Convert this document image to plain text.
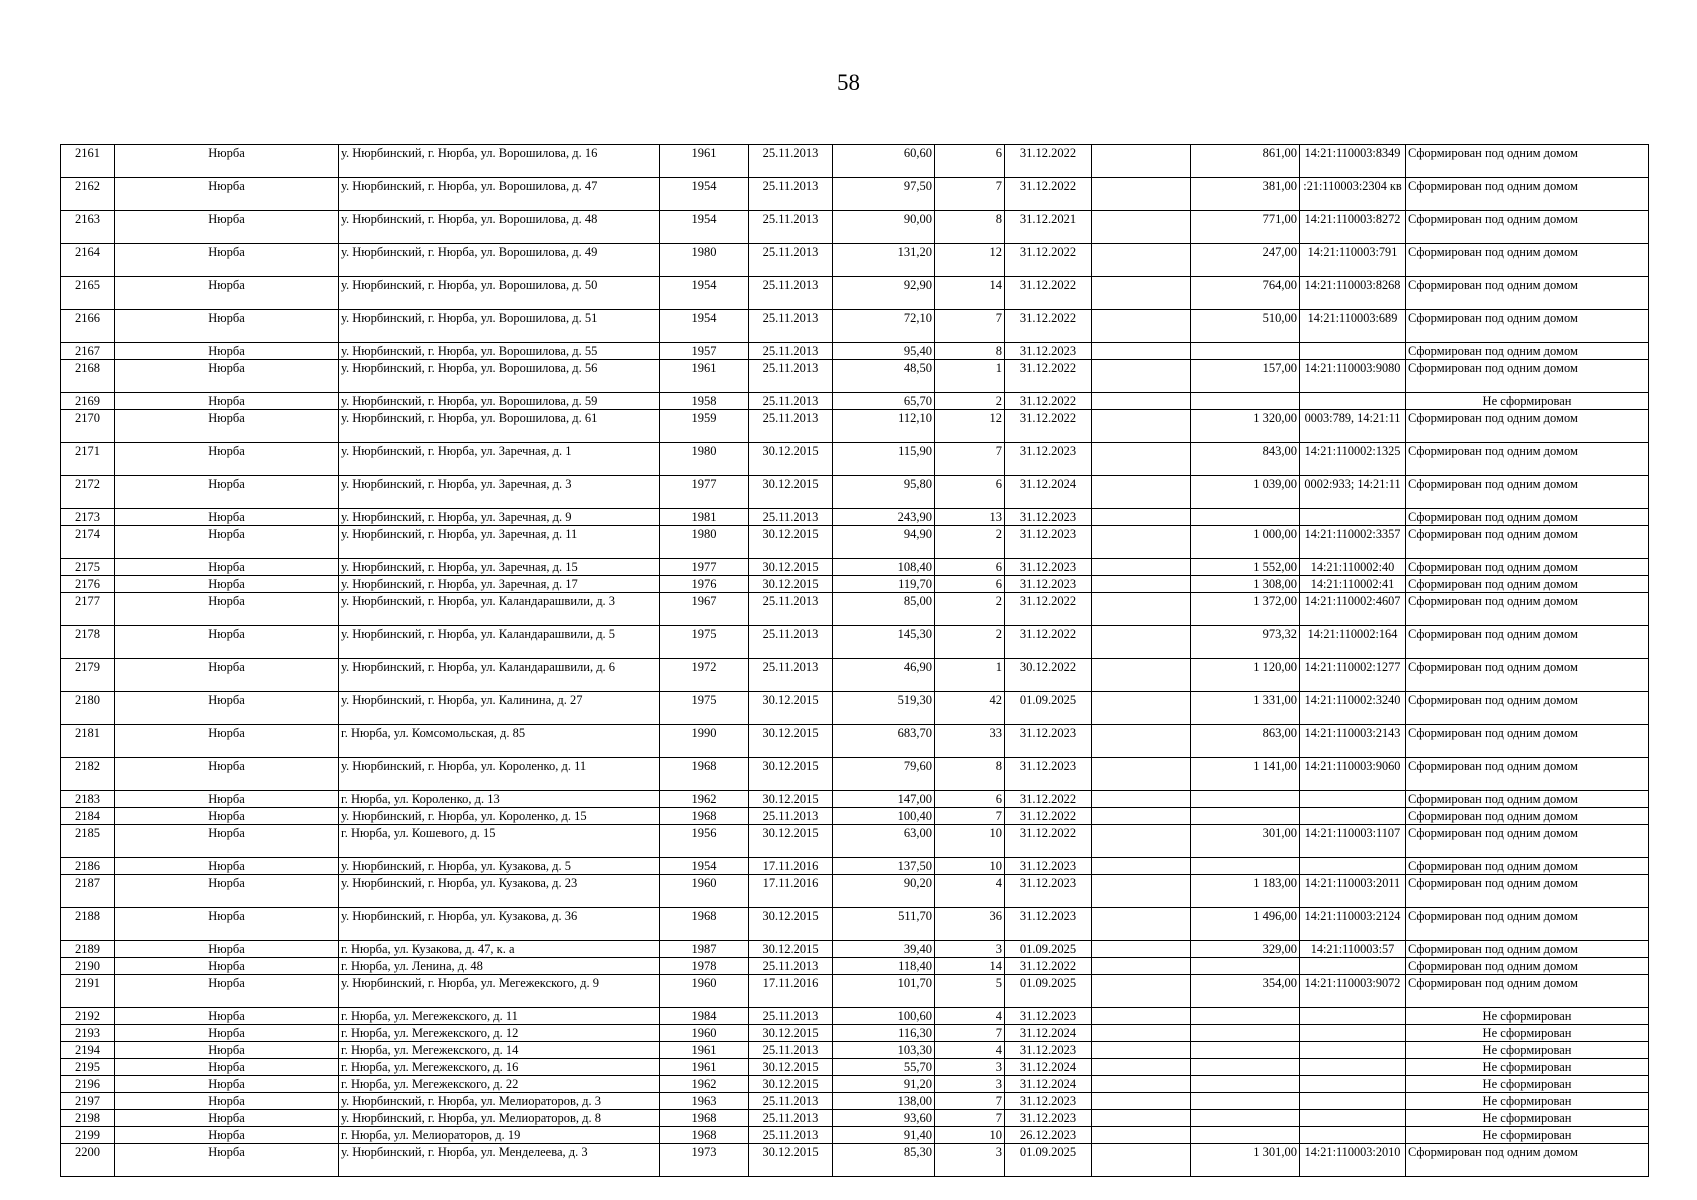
58
2161	Нюрба	у. Нюрбинский, г. Нюрба, ул. Ворошилова, д. 16	1961	25.11.2013	60,60	6	31.12.2022		861,00	14:21:110003:8349	Сформирован под одним домом
2162	Нюрба	у. Нюрбинский, г. Нюрба, ул. Ворошилова, д. 47	1954	25.11.2013	97,50	7	31.12.2022		381,00	:21:110003:2304 кв	Сформирован под одним домом
2163	Нюрба	у. Нюрбинский, г. Нюрба, ул. Ворошилова, д. 48	1954	25.11.2013	90,00	8	31.12.2021		771,00	14:21:110003:8272	Сформирован под одним домом
2164	Нюрба	у. Нюрбинский, г. Нюрба, ул. Ворошилова, д. 49	1980	25.11.2013	131,20	12	31.12.2022		247,00	14:21:110003:791	Сформирован под одним домом
2165	Нюрба	у. Нюрбинский, г. Нюрба, ул. Ворошилова, д. 50	1954	25.11.2013	92,90	14	31.12.2022		764,00	14:21:110003:8268	Сформирован под одним домом
2166	Нюрба	у. Нюрбинский, г. Нюрба, ул. Ворошилова, д. 51	1954	25.11.2013	72,10	7	31.12.2022		510,00	14:21:110003:689	Сформирован под одним домом
2167	Нюрба	у. Нюрбинский, г. Нюрба, ул. Ворошилова, д. 55	1957	25.11.2013	95,40	8	31.12.2023				Сформирован под одним домом
2168	Нюрба	у. Нюрбинский, г. Нюрба, ул. Ворошилова, д. 56	1961	25.11.2013	48,50	1	31.12.2022		157,00	14:21:110003:9080	Сформирован под одним домом
2169	Нюрба	у. Нюрбинский, г. Нюрба, ул. Ворошилова, д. 59	1958	25.11.2013	65,70	2	31.12.2022				Не сформирован
2170	Нюрба	у. Нюрбинский, г. Нюрба, ул. Ворошилова, д. 61	1959	25.11.2013	112,10	12	31.12.2022		1 320,00	0003:789, 14:21:11	Сформирован под одним домом
2171	Нюрба	у. Нюрбинский, г. Нюрба, ул. Заречная, д. 1	1980	30.12.2015	115,90	7	31.12.2023		843,00	14:21:110002:1325	Сформирован под одним домом
2172	Нюрба	у. Нюрбинский, г. Нюрба, ул. Заречная, д. 3	1977	30.12.2015	95,80	6	31.12.2024		1 039,00	0002:933; 14:21:11	Сформирован под одним домом
2173	Нюрба	у. Нюрбинский, г. Нюрба, ул. Заречная, д. 9	1981	25.11.2013	243,90	13	31.12.2023				Сформирован под одним домом
2174	Нюрба	у. Нюрбинский, г. Нюрба, ул. Заречная, д. 11	1980	30.12.2015	94,90	2	31.12.2023		1 000,00	14:21:110002:3357	Сформирован под одним домом
2175	Нюрба	у. Нюрбинский, г. Нюрба, ул. Заречная, д. 15	1977	30.12.2015	108,40	6	31.12.2023		1 552,00	14:21:110002:40	Сформирован под одним домом
2176	Нюрба	у. Нюрбинский, г. Нюрба, ул. Заречная, д. 17	1976	30.12.2015	119,70	6	31.12.2023		1 308,00	14:21:110002:41	Сформирован под одним домом
2177	Нюрба	у. Нюрбинский, г. Нюрба, ул. Каландарашвили, д. 3	1967	25.11.2013	85,00	2	31.12.2022		1 372,00	14:21:110002:4607	Сформирован под одним домом
2178	Нюрба	у. Нюрбинский, г. Нюрба, ул. Каландарашвили, д. 5	1975	25.11.2013	145,30	2	31.12.2022		973,32	14:21:110002:164	Сформирован под одним домом
2179	Нюрба	у. Нюрбинский, г. Нюрба, ул. Каландарашвили, д. 6	1972	25.11.2013	46,90	1	30.12.2022		1 120,00	14:21:110002:1277	Сформирован под одним домом
2180	Нюрба	у. Нюрбинский, г. Нюрба, ул. Калинина, д. 27	1975	30.12.2015	519,30	42	01.09.2025		1 331,00	14:21:110002:3240	Сформирован под одним домом
2181	Нюрба	г. Нюрба, ул. Комсомольская, д. 85	1990	30.12.2015	683,70	33	31.12.2023		863,00	14:21:110003:2143	Сформирован под одним домом
2182	Нюрба	у. Нюрбинский, г. Нюрба, ул. Короленко, д. 11	1968	30.12.2015	79,60	8	31.12.2023		1 141,00	14:21:110003:9060	Сформирован под одним домом
2183	Нюрба	г. Нюрба, ул. Короленко, д. 13	1962	30.12.2015	147,00	6	31.12.2022				Сформирован под одним домом
2184	Нюрба	у. Нюрбинский, г. Нюрба, ул. Короленко, д. 15	1968	25.11.2013	100,40	7	31.12.2022				Сформирован под одним домом
2185	Нюрба	г. Нюрба, ул. Кошевого, д. 15	1956	30.12.2015	63,00	10	31.12.2022		301,00	14:21:110003:1107	Сформирован под одним домом
2186	Нюрба	у. Нюрбинский, г. Нюрба, ул. Кузакова, д. 5	1954	17.11.2016	137,50	10	31.12.2023				Сформирован под одним домом
2187	Нюрба	у. Нюрбинский, г. Нюрба, ул. Кузакова, д. 23	1960	17.11.2016	90,20	4	31.12.2023		1 183,00	14:21:110003:2011	Сформирован под одним домом
2188	Нюрба	у. Нюрбинский, г. Нюрба, ул. Кузакова, д. 36	1968	30.12.2015	511,70	36	31.12.2023		1 496,00	14:21:110003:2124	Сформирован под одним домом
2189	Нюрба	г. Нюрба, ул. Кузакова, д. 47, к. а	1987	30.12.2015	39,40	3	01.09.2025		329,00	14:21:110003:57	Сформирован под одним домом
2190	Нюрба	г. Нюрба, ул. Ленина, д. 48	1978	25.11.2013	118,40	14	31.12.2022				Сформирован под одним домом
2191	Нюрба	у. Нюрбинский, г. Нюрба, ул. Мегежекского, д. 9	1960	17.11.2016	101,70	5	01.09.2025		354,00	14:21:110003:9072	Сформирован под одним домом
2192	Нюрба	г. Нюрба, ул. Мегежекского, д. 11	1984	25.11.2013	100,60	4	31.12.2023				Не сформирован
2193	Нюрба	г. Нюрба, ул. Мегежекского, д. 12	1960	30.12.2015	116,30	7	31.12.2024				Не сформирован
2194	Нюрба	г. Нюрба, ул. Мегежекского, д. 14	1961	25.11.2013	103,30	4	31.12.2023				Не сформирован
2195	Нюрба	г. Нюрба, ул. Мегежекского, д. 16	1961	30.12.2015	55,70	3	31.12.2024				Не сформирован
2196	Нюрба	г. Нюрба, ул. Мегежекского, д. 22	1962	30.12.2015	91,20	3	31.12.2024				Не сформирован
2197	Нюрба	у. Нюрбинский, г. Нюрба, ул. Мелиораторов, д. 3	1963	25.11.2013	138,00	7	31.12.2023				Не сформирован
2198	Нюрба	у. Нюрбинский, г. Нюрба, ул. Мелиораторов, д. 8	1968	25.11.2013	93,60	7	31.12.2023				Не сформирован
2199	Нюрба	г. Нюрба, ул. Мелиораторов, д. 19	1968	25.11.2013	91,40	10	26.12.2023				Не сформирован
2200	Нюрба	у. Нюрбинский, г. Нюрба, ул. Менделеева, д. 3	1973	30.12.2015	85,30	3	01.09.2025		1 301,00	14:21:110003:2010	Сформирован под одним домом
